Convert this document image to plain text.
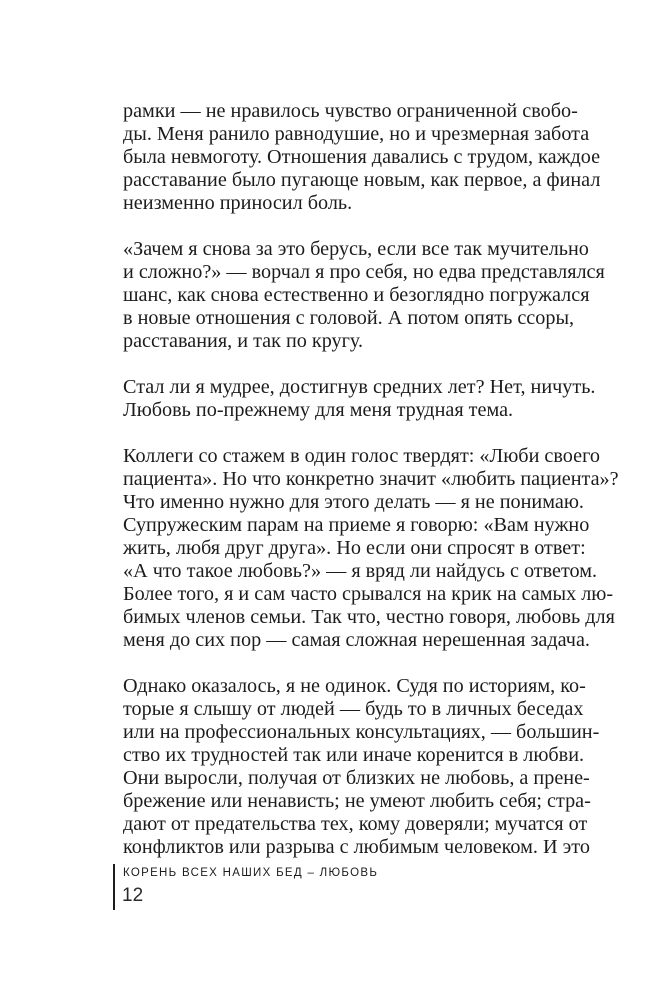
рамки — не нравилось чувство ограниченной свобо-
ды. Меня ранило равнодушие, но и чрезмерная забота
была невмоготу. Отношения давались с трудом, каждое
расставание было пугающе новым, как первое, а финал
неизменно приносил боль.
«Зачем я снова за это берусь, если все так мучительно
и сложно?» — ворчал я про себя, но едва представлялся
шанс, как снова естественно и безоглядно погружался
в новые отношения с головой. А потом опять ссоры,
расставания, и так по кругу.
Стал ли я мудрее, достигнув средних лет? Нет, ничуть.
Любовь по-прежнему для меня трудная тема.
Коллеги со стажем в один голос твердят: «Люби своего
пациента». Но что конкретно значит «любить пациента»?
Что именно нужно для этого делать — я не понимаю.
Супружеским парам на приеме я говорю: «Вам нужно
жить, любя друг друга». Но если они спросят в ответ:
«А что такое любовь?» — я вряд ли найдусь с ответом.
Более того, я и сам часто срывался на крик на самых лю-
бимых членов семьи. Так что, честно говоря, любовь для
меня до сих пор — самая сложная нерешенная задача.
Однако оказалось, я не одинок. Судя по историям, ко-
торые я слышу от людей — будь то в личных беседах
или на профессиональных консультациях, — большин-
ство их трудностей так или иначе коренится в любви.
Они выросли, получая от близких не любовь, а прене-
брежение или ненависть; не умеют любить себя; стра-
дают от предательства тех, кому доверяли; мучатся от
конфликтов или разрыва с любимым человеком. И это
КОРЕНЬ ВСЕХ НАШИХ БЕД – ЛЮБОВЬ
12
